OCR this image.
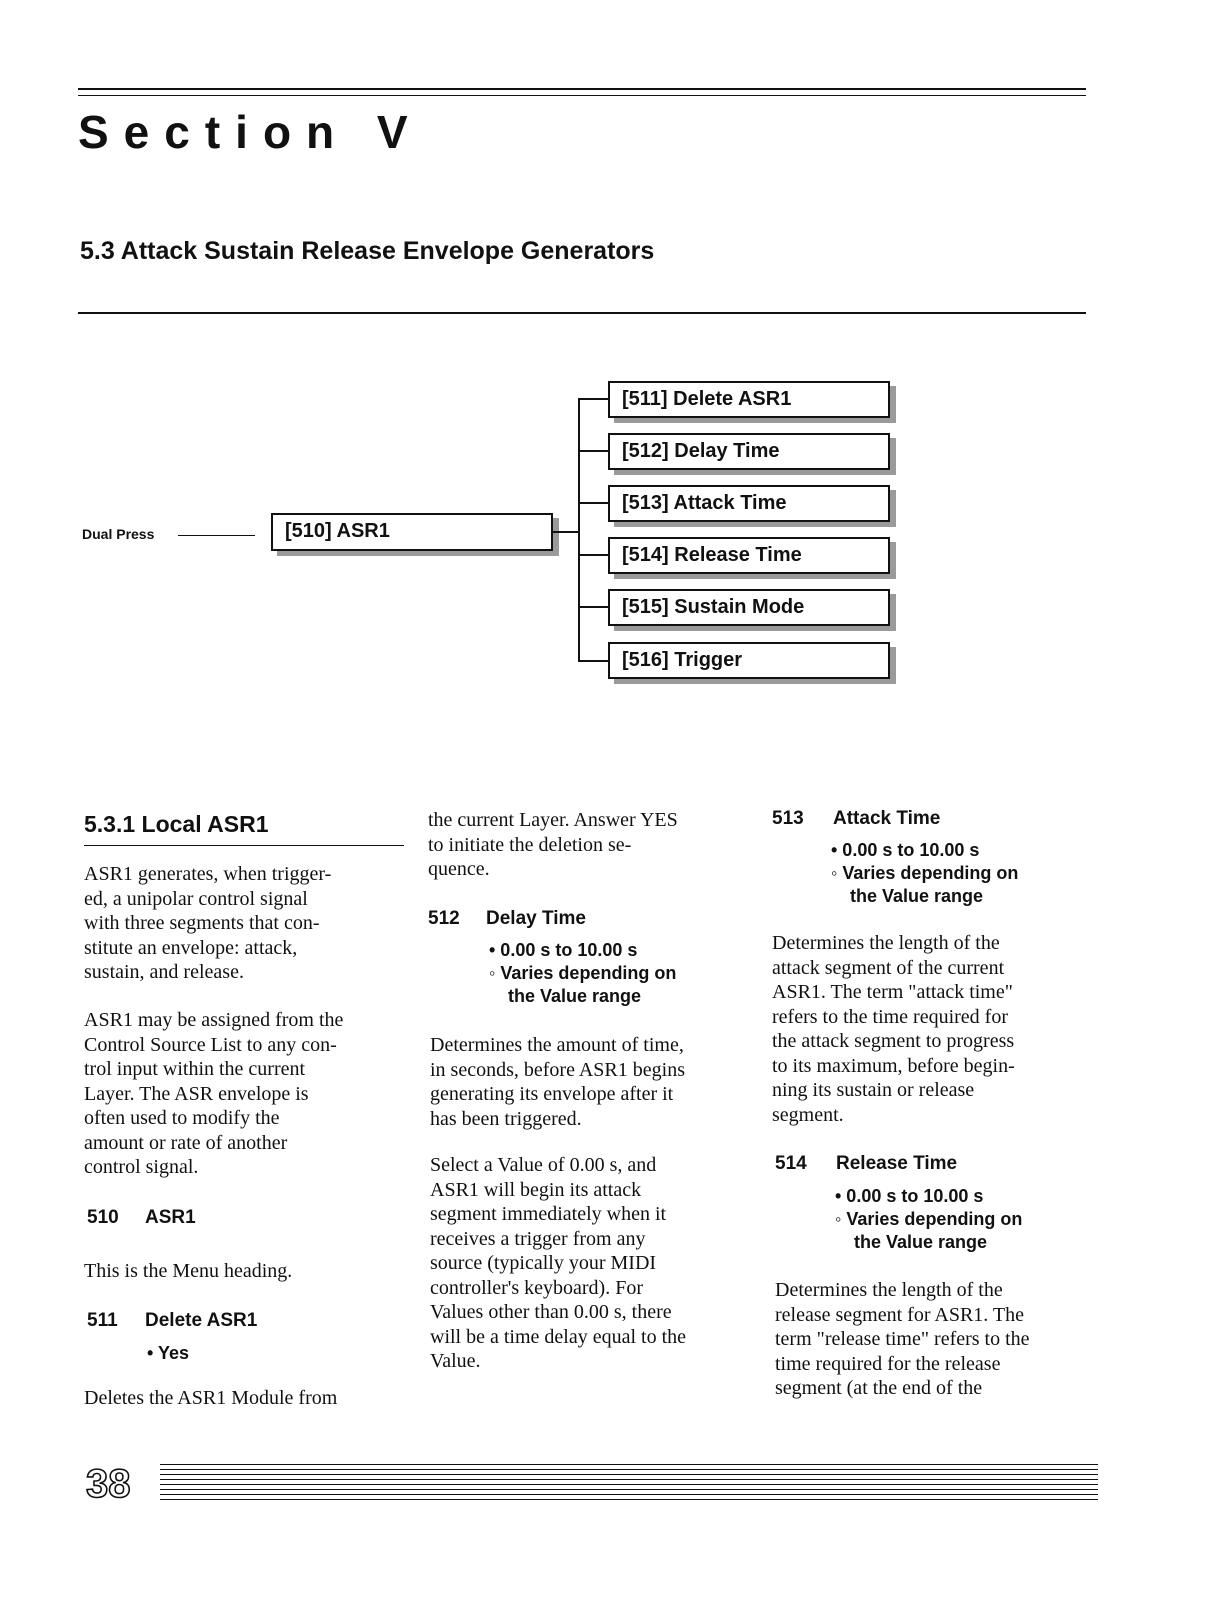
Section V
5.3 Attack Sustain Release Envelope Generators
Dual Press	[510] ASR1
[511] Delete ASR1
[512] Delay Time
[513] Attack Time
[514] Release Time
[515] Sustain Mode
[516] Trigger
5.3.1 Local ASR1
ASR1 generates, when trigger-
ed, a unipolar control signal
with three segments that con-
stitute an envelope: attack,
sustain, and release.
ASR1 may be assigned from the
Control Source List to any con-
trol input within the current
Layer. The ASR envelope is
often used to modify the
amount or rate of another
control signal.
510 ASR1
This is the Menu heading.
511 Delete ASR1
• Yes
Deletes the ASR1 Module from
the current Layer. Answer YES
to initiate the deletion se-
quence.
512 Delay Time
• 0.00 s to 10.00 s
◦ Varies depending on
the Value range
Determines the amount of time,
in seconds, before ASR1 begins
generating its envelope after it
has been triggered.
Select a Value of 0.00 s, and
ASR1 will begin its attack
segment immediately when it
receives a trigger from any
source (typically your MIDI
controller's keyboard). For
Values other than 0.00 s, there
will be a time delay equal to the
Value.
513 Attack Time
• 0.00 s to 10.00 s
◦ Varies depending on
the Value range
Determines the length of the
attack segment of the current
ASR1. The term "attack time"
refers to the time required for
the attack segment to progress
to its maximum, before begin-
ning its sustain or release
segment.
514 Release Time
• 0.00 s to 10.00 s
◦ Varies depending on
the Value range
Determines the length of the
release segment for ASR1. The
term "release time" refers to the
time required for the release
segment (at the end of the
38
